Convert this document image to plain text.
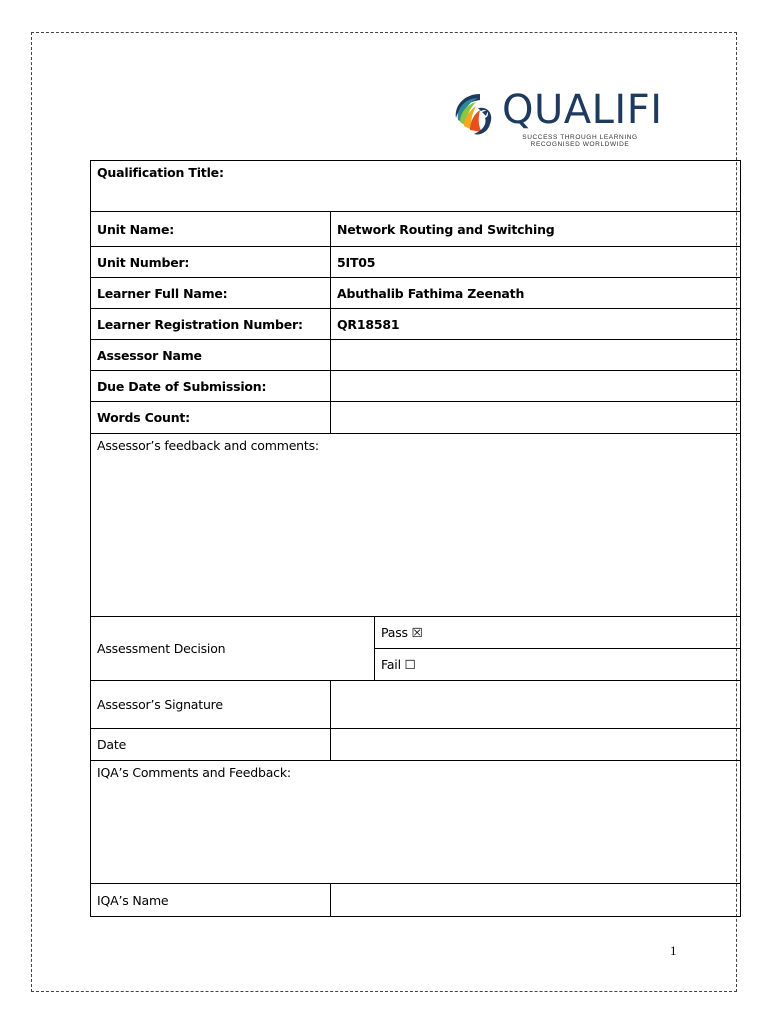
QUALIFI
SUCCESS THROUGH LEARNING
RECOGNISED WORLDWIDE
Qualification Title:		
Unit Name:	Network Routing and Switching	
Unit Number:	5IT05	
Learner Full Name:	Abuthalib Fathima Zeenath	
Learner Registration Number:	QR18581	
Assessor Name		
Due Date of Submission:		
Words Count:		
Assessor’s feedback and comments:		
Assessment Decision		Pass ☒
		Fail ☐
Assessor’s Signature		
Date		
IQA’s Comments and Feedback:		
IQA’s Name		
1
